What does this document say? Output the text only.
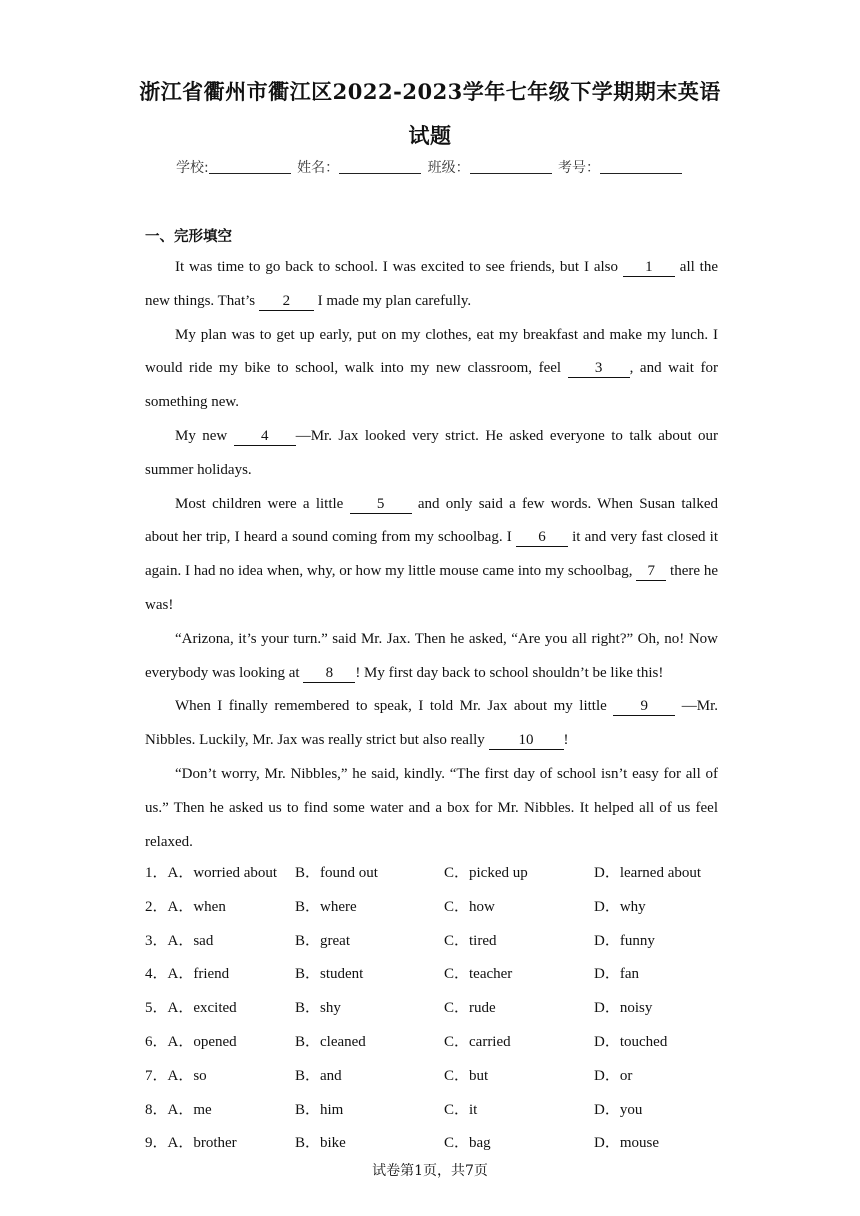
浙江省衢州市衢江区2022-2023学年七年级下学期期末英语
试题
学校:	姓名：	班级：	考号：
一、完形填空

It was time to go back to school. I was excited to see friends, but I also 1 all the new things. That’s 2 I made my plan carefully.

My plan was to get up early, put on my clothes, eat my breakfast and make my lunch. I would ride my bike to school, walk into my new classroom, feel 3 , and wait for something new.

My new 4 —Mr. Jax looked very strict. He asked everyone to talk about our summer holidays.

Most children were a little 5 and only said a few words. When Susan talked about her trip, I heard a sound coming from my schoolbag. I 6 it and very fast closed it again. I had no idea when, why, or how my little mouse came into my schoolbag, 7 there he was!

“Arizona, it’s your turn.” said Mr. Jax. Then he asked, “Are you all right?” Oh, no! Now everybody was looking at 8 ! My first day back to school shouldn’t be like this!

When I finally remembered to speak, I told Mr. Jax about my little 9 —Mr. Nibbles. Luckily, Mr. Jax was really strict but also really 10 !

“Don’t worry, Mr. Nibbles,” he said, kindly. “The first day of school isn’t easy for all of us.” Then he asked us to find some water and a box for Mr. Nibbles. It helped all of us feel relaxed.

1．A．worried about B．found out	C．picked up	D．learned about
2．A．when	B．where	C．how	D．why
3．A．sad	B．great	C．tired	D．funny
4．A．friend	B．student	C．teacher	D．fan
5．A．excited	B．shy	C．rude	D．noisy
6．A．opened	B．cleaned	C．carried	D．touched
7．A．so	B．and	C．but	D．or
8．A．me	B．him	C．it	D．you
9．A．brother	B．bike	C．bag	D．mouse
试卷第1页，共7页
